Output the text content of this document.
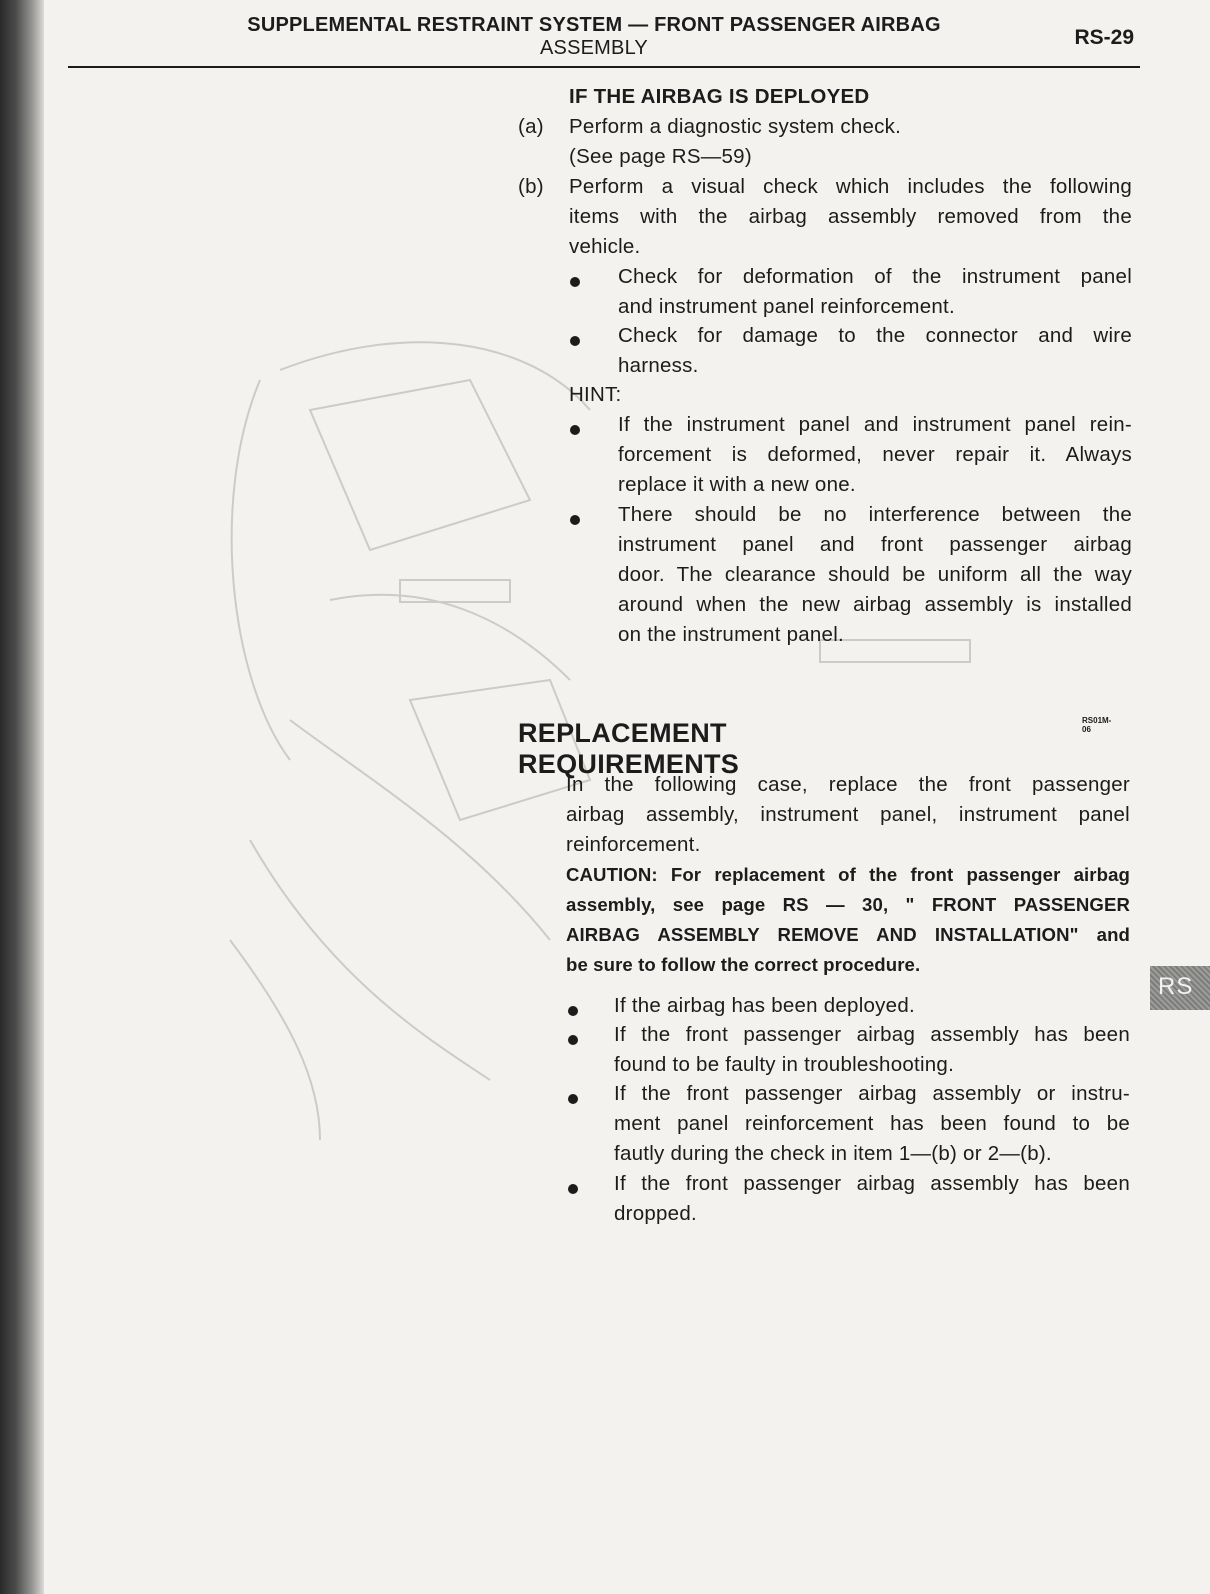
SUPPLEMENTAL RESTRAINT SYSTEM — FRONT PASSENGER AIRBAG
ASSEMBLY	RS-29
IF THE AIRBAG IS DEPLOYED
(a) Perform a diagnostic system check.
(See page RS—59)
(b) Perform a visual check which includes the following
items with the airbag assembly removed from the
vehicle.
Check for deformation of the instrument panel
and instrument panel reinforcement.
Check for damage to the connector and wire
harness.
HINT:
If the instrument panel and instrument panel rein-
forcement is deformed, never repair it. Always
replace it with a new one.
There should be no interference between the
instrument panel and front passenger airbag
door. The clearance should be uniform all the way
around when the new airbag assembly is installed
on the instrument panel.
RS01M-06
REPLACEMENT REQUIREMENTS
In the following case, replace the front passenger
airbag assembly, instrument panel, instrument panel
reinforcement.
CAUTION: For replacement of the front passenger airbag
assembly, see page RS — 30, " FRONT PASSENGER
AIRBAG ASSEMBLY REMOVE AND INSTALLATION" and
be sure to follow the correct procedure.
If the airbag has been deployed.
If the front passenger airbag assembly has been
found to be faulty in troubleshooting.
If the front passenger airbag assembly or instru-
ment panel reinforcement has been found to be
fautly during the check in item 1—(b) or 2—(b).
If the front passenger airbag assembly has been
dropped.
RS
